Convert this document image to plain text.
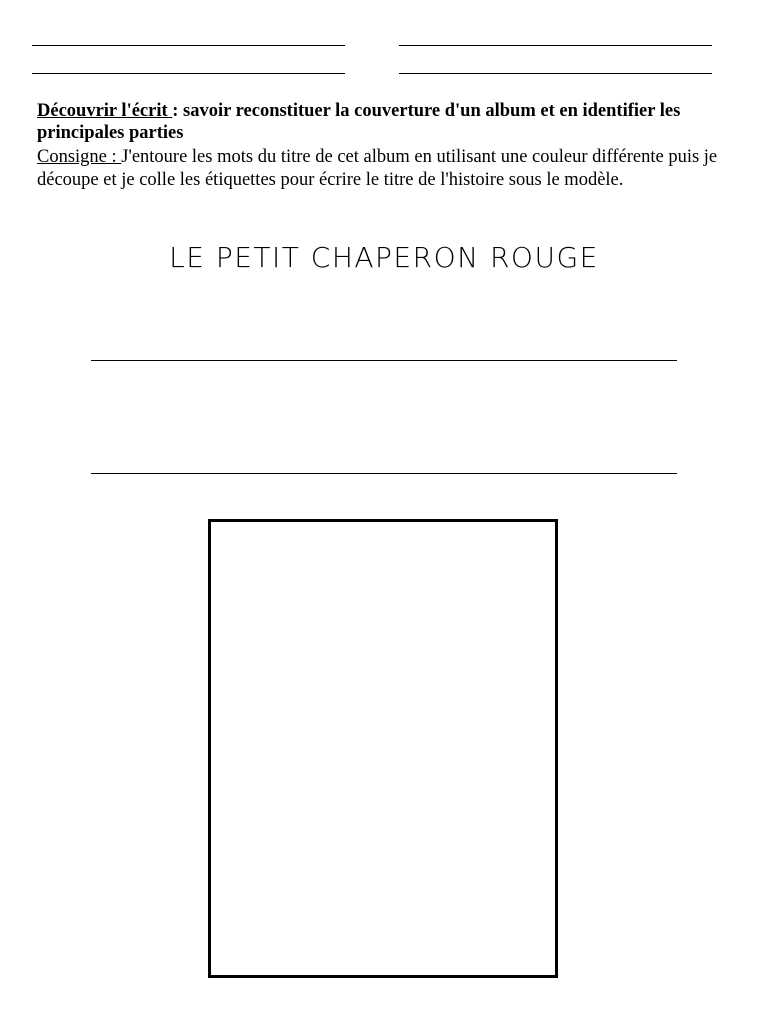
Découvrir l'écrit : savoir reconstituer la couverture d'un album et en identifier les principales parties
Consigne : J'entoure les mots du titre de cet album en utilisant une couleur différente puis je découpe et je colle les étiquettes pour écrire le titre de l'histoire sous le modèle.
LE PETIT CHAPERON ROUGE
